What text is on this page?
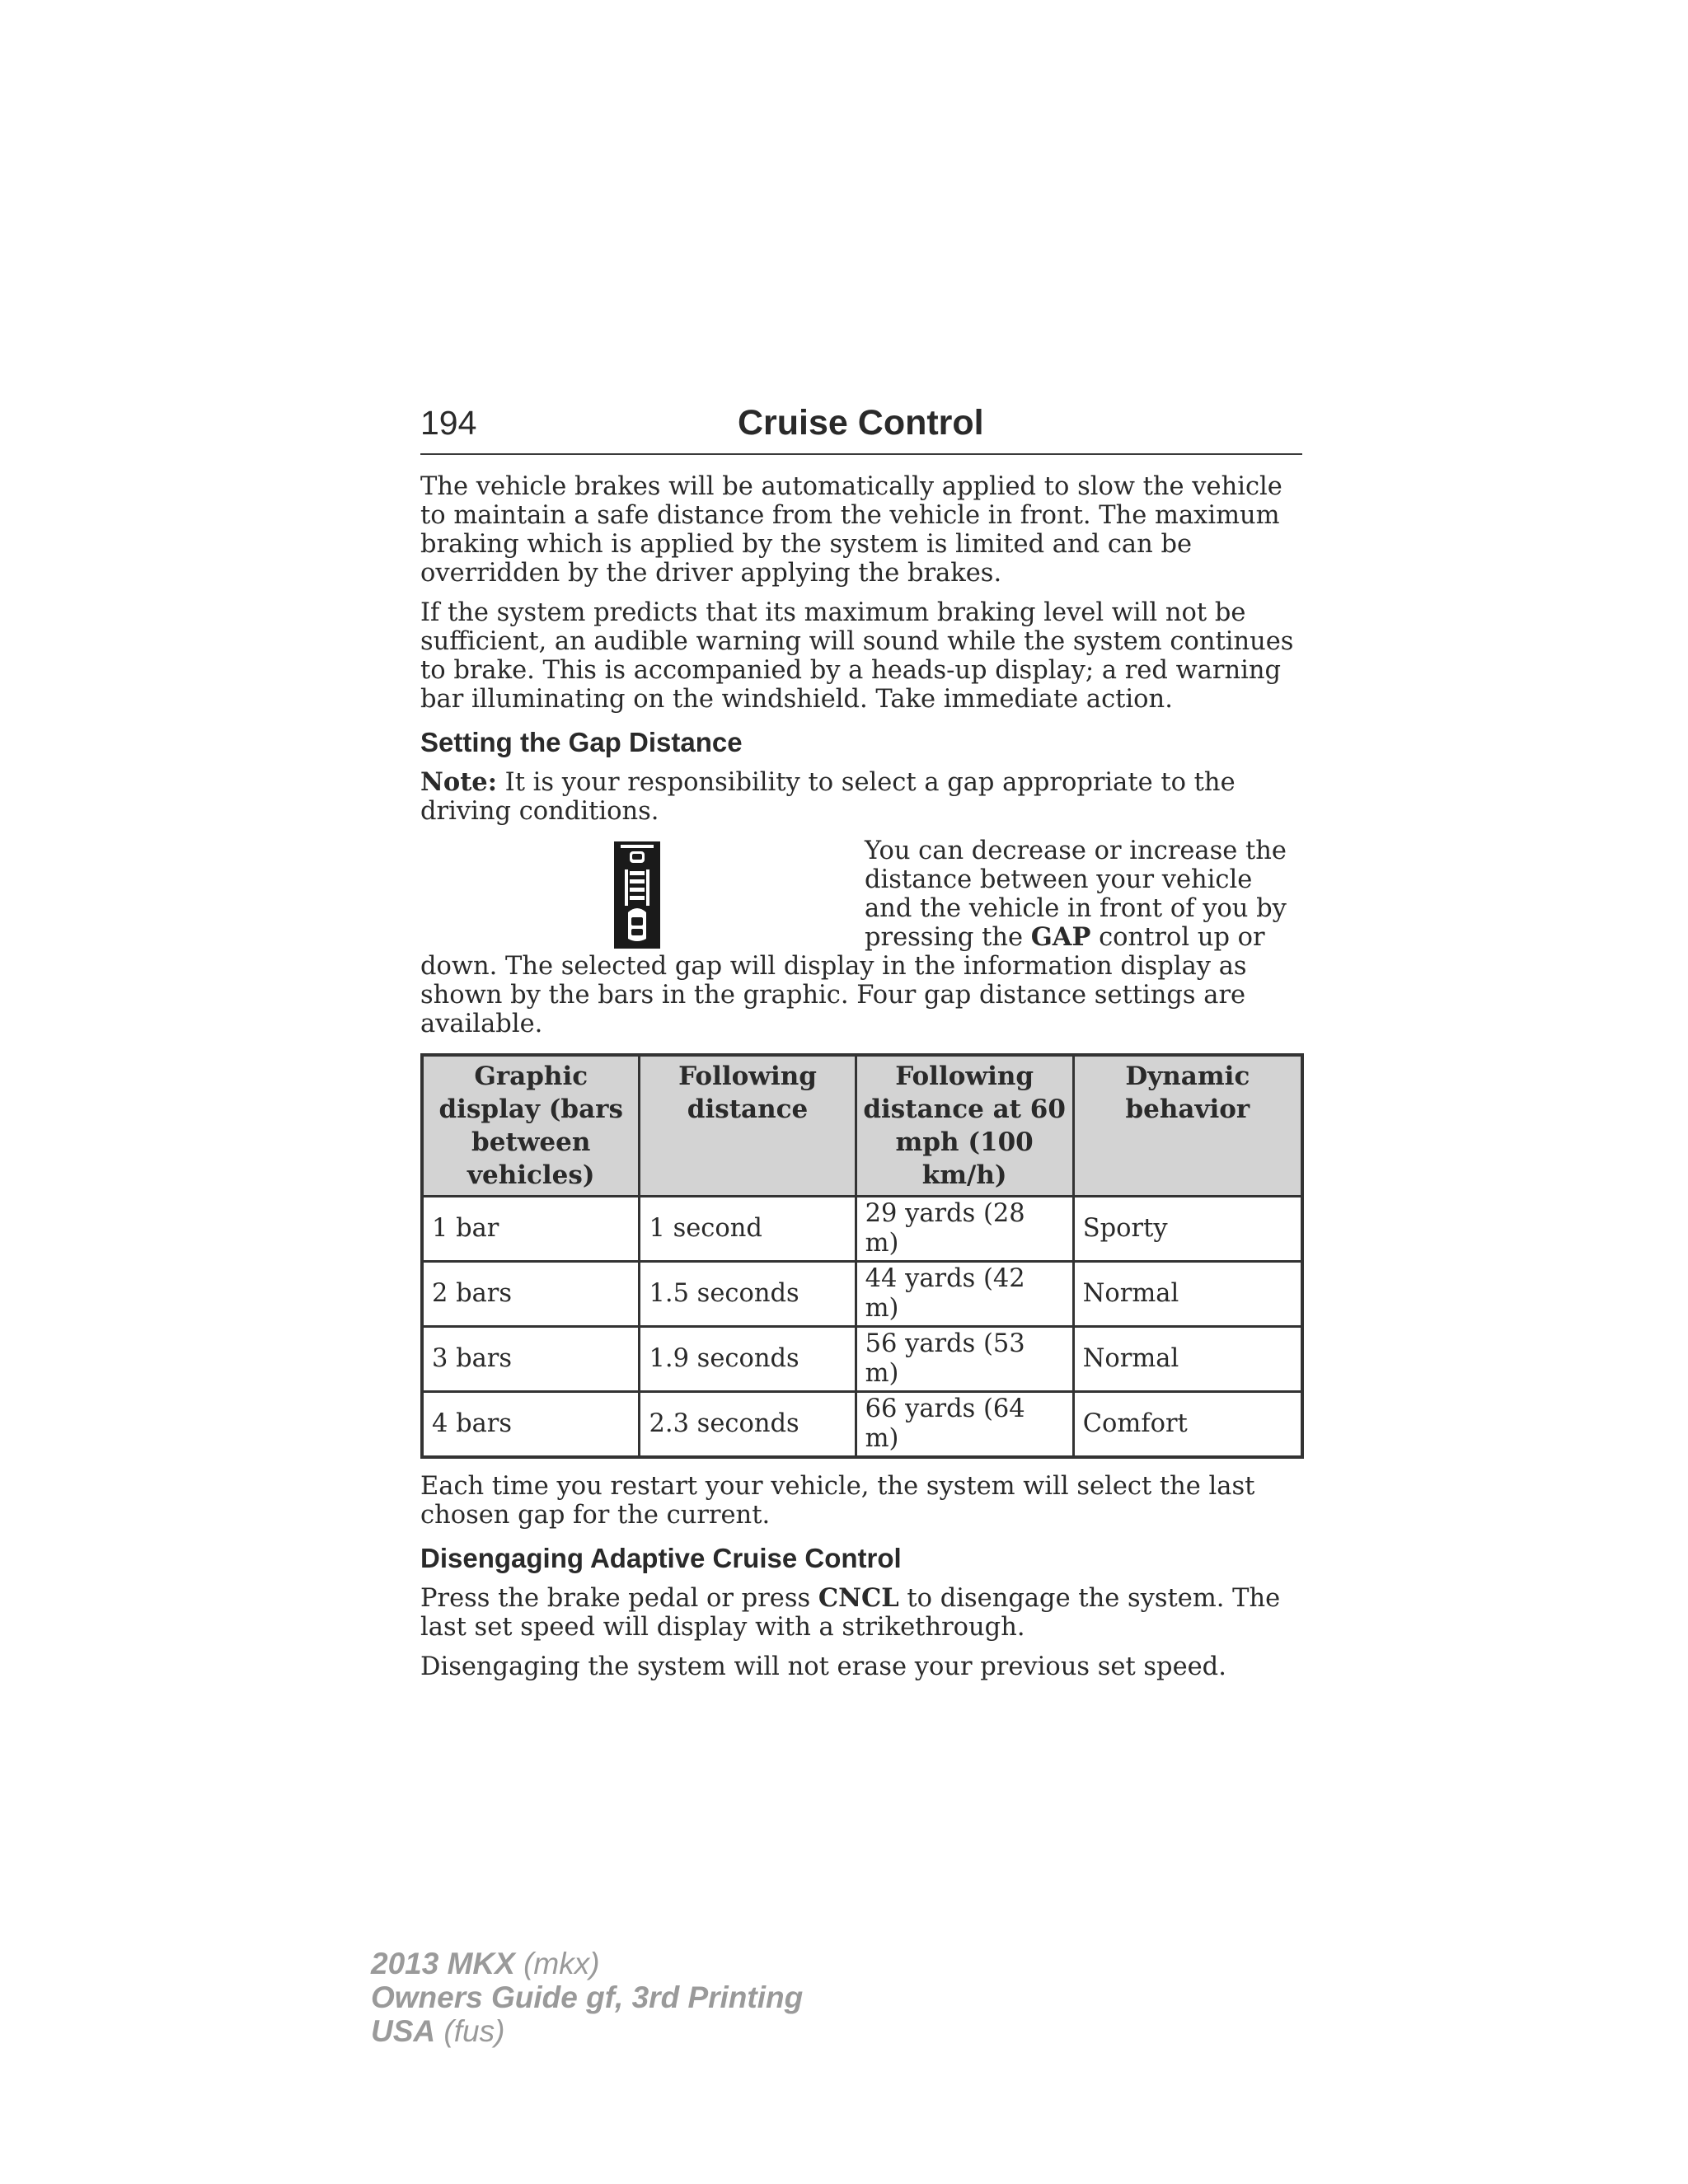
194	Cruise Control

The vehicle brakes will be automatically applied to slow the vehicle to maintain a safe distance from the vehicle in front. The maximum braking which is applied by the system is limited and can be overridden by the driver applying the brakes.

If the system predicts that its maximum braking level will not be sufficient, an audible warning will sound while the system continues to brake. This is accompanied by a heads-up display; a red warning bar illuminating on the windshield. Take immediate action.

Setting the Gap Distance

Note: It is your responsibility to select a gap appropriate to the driving conditions.

You can decrease or increase the distance between your vehicle and the vehicle in front of you by pressing the GAP control up or down. The selected gap will display in the information display as shown by the bars in the graphic. Four gap distance settings are available.

Graphic display (bars between vehicles)	Following distance	Following distance at 60 mph (100 km/h)	Dynamic behavior
1 bar	1 second	29 yards (28 m)	Sporty
2 bars	1.5 seconds	44 yards (42 m)	Normal
3 bars	1.9 seconds	56 yards (53 m)	Normal
4 bars	2.3 seconds	66 yards (64 m)	Comfort

Each time you restart your vehicle, the system will select the last chosen gap for the current.

Disengaging Adaptive Cruise Control

Press the brake pedal or press CNCL to disengage the system. The last set speed will display with a strikethrough.

Disengaging the system will not erase your previous set speed.

2013 MKX (mkx)
Owners Guide gf, 3rd Printing
USA (fus)
